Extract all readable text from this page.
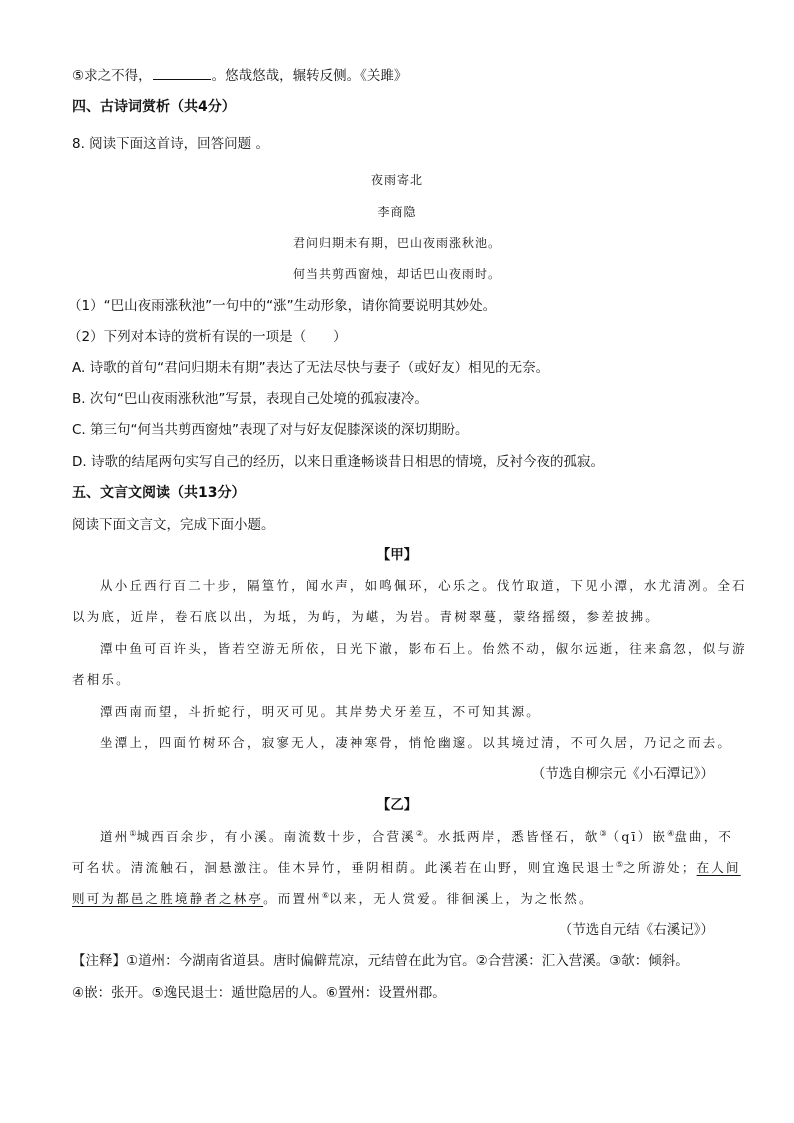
⑤求之不得，	。悠哉悠哉，辗转反侧。《关雎》
四、古诗词赏析（共4分）
8. 阅读下面这首诗，回答问题 。
夜雨寄北
李商隐
君问归期未有期，巴山夜雨涨秋池。
何当共剪西窗烛，却话巴山夜雨时。
（1）“巴山夜雨涨秋池”一句中的“涨”生动形象，请你简要说明其妙处。
（2）下列对本诗的赏析有误的一项是（　　）
A. 诗歌的首句“君问归期未有期”表达了无法尽快与妻子（或好友）相见的无奈。
B. 次句“巴山夜雨涨秋池”写景，表现自己处境的孤寂凄冷。
C. 第三句“何当共剪西窗烛”表现了对与好友促膝深谈的深切期盼。
D. 诗歌的结尾两句实写自己的经历，以来日重逢畅谈昔日相思的情境，反衬今夜的孤寂。
五、文言文阅读（共13分）
阅读下面文言文，完成下面小题。
【甲】
从小丘西行百二十步，隔篁竹，闻水声，如鸣佩环，心乐之。伐竹取道，下见小潭，水尤清冽。全石
以为底，近岸，卷石底以出，为坻，为屿，为嵁，为岩。青树翠蔓，蒙络摇缀，参差披拂。
潭中鱼可百许头，皆若空游无所依，日光下澈，影布石上。佁然不动，俶尔远逝，往来翕忽，似与游
者相乐。
潭西南而望，斗折蛇行，明灭可见。其岸势犬牙差互，不可知其源。
坐潭上，四面竹树环合，寂寥无人，凄神寒骨，悄怆幽邃。以其境过清，不可久居，乃记之而去。
（节选自柳宗元《小石潭记》）
【乙】
道州①城西百余步，有小溪。南流数十步，合营溪②。水抵两岸，悉皆怪石，欹③（qī）嵌④盘曲，不
可名状。清流触石，洄悬激注。佳木异竹，垂阴相荫。此溪若在山野，则宜逸民退士⑤之所游处；在人间
则可为都邑之胜境静者之林亭。而置州⑥以来，无人赏爱。徘徊溪上，为之怅然。
（节选自元结《右溪记》）
【注释】①道州：今湖南省道县。唐时偏僻荒凉，元结曾在此为官。②合营溪：汇入营溪。③欹：倾斜。
④嵌：张开。⑤逸民退士：遁世隐居的人。⑥置州：设置州郡。
